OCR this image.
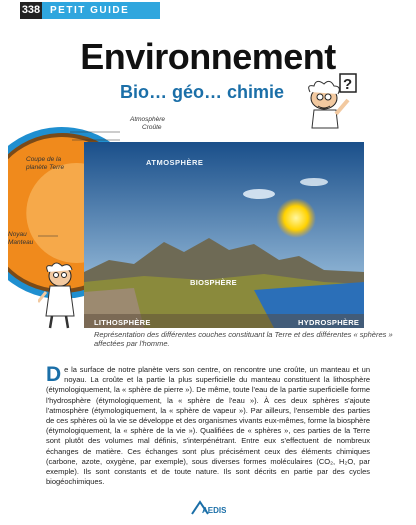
338 PETIT GUIDE
Environnement
Bio… géo… chimie	?
Atmosphère
Croûte
Coupe de la planète Terre
Noyau
Manteau
ATMOSPHÈRE
BIOSPHÈRE
LITHOSPHÈRE	HYDROSPHÈRE
Représentation des différentes couches constituant la Terre et des différentes « sphères » affectées par l'homme.
De la surface de notre planète vers son centre, on rencontre une croûte, un manteau et un noyau. La croûte et la partie la plus superficielle du manteau constituent la lithosphère (étymologiquement, la « sphère de pierre »). De même, toute l'eau de la partie superficielle forme l'hydrosphère (étymologiquement, la « sphère de l'eau »). À ces deux sphères s'ajoute l'atmosphère (étymologiquement, la « sphère de vapeur »). Par ailleurs, l'ensemble des parties de ces sphères où la vie se développe et des organismes vivants eux-mêmes, forme la biosphère (étymologiquement, la « sphère de la vie »). Qualifiées de « sphères », ces parties de la Terre sont plutôt des volumes mal définis, s'interpénétrant. Entre eux s'effectuent de nombreux échanges de matière. Ces échanges sont plus précisément ceux des éléments chimiques (carbone, azote, oxygène, par exemple), sous diverses formes moléculaires (CO₂, H₂O, par exemple). Ils sont constants et de toute nature. Ils sont décrits en partie par des cycles biogéochimiques.
AEDIS
